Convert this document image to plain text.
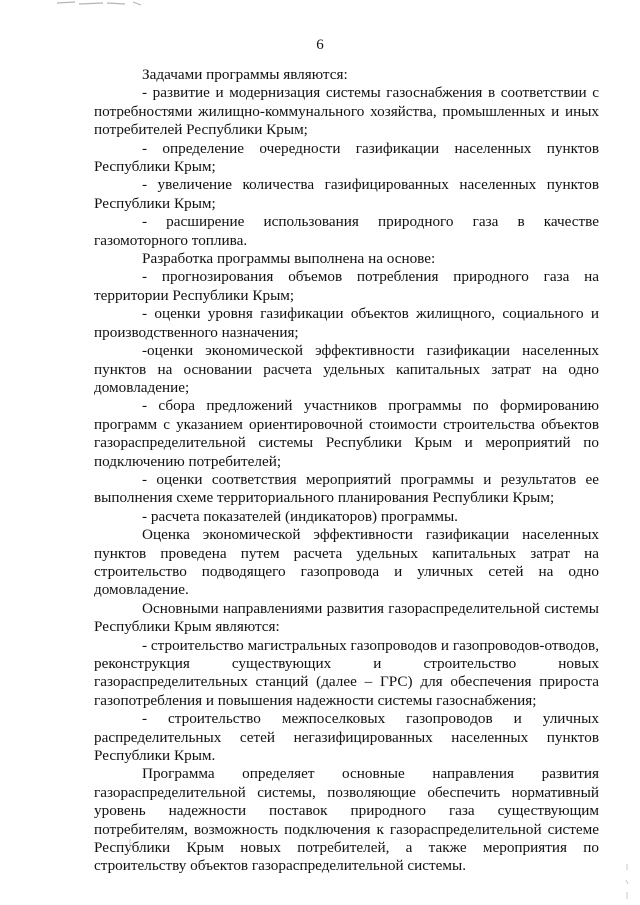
6

Задачами программы являются:

- развитие и модернизация системы газоснабжения в соответствии с потребностями жилищно-коммунального хозяйства, промышленных и иных потребителей Республики Крым;

- определение очередности газификации населенных пунктов Республики Крым;

- увеличение количества газифицированных населенных пунктов Республики Крым;

- расширение использования природного газа в качестве газомоторного топлива.

Разработка программы выполнена на основе:

- прогнозирования объемов потребления природного газа на территории Республики Крым;

- оценки уровня газификации объектов жилищного, социального и производственного назначения;

-оценки экономической эффективности газификации населенных пунктов на основании расчета удельных капитальных затрат на одно домовладение;

- сбора предложений участников программы по формированию программ с указанием ориентировочной стоимости строительства объектов газораспределительной системы Республики Крым и мероприятий по подключению потребителей;

- оценки соответствия мероприятий программы и результатов ее выполнения схеме территориального планирования Республики Крым;

- расчета показателей (индикаторов) программы.

Оценка экономической эффективности газификации населенных пунктов проведена путем расчета удельных капитальных затрат на строительство подводящего газопровода и уличных сетей на одно домовладение.

Основными направлениями развития газораспределительной системы Республики Крым являются:

- строительство магистральных газопроводов и газопроводов-отводов, реконструкция существующих и строительство новых газораспределительных станций (далее – ГРС) для обеспечения прироста газопотребления и повышения надежности системы газоснабжения;

- строительство межпоселковых газопроводов и уличных распределительных сетей негазифицированных населенных пунктов Республики Крым.

Программа определяет основные направления развития газораспределительной системы, позволяющие обеспечить нормативный уровень надежности поставок природного газа существующим потребителям, возможность подключения к газораспределительной системе Республики Крым новых потребителей, а также мероприятия по строительству объектов газораспределительной системы.
